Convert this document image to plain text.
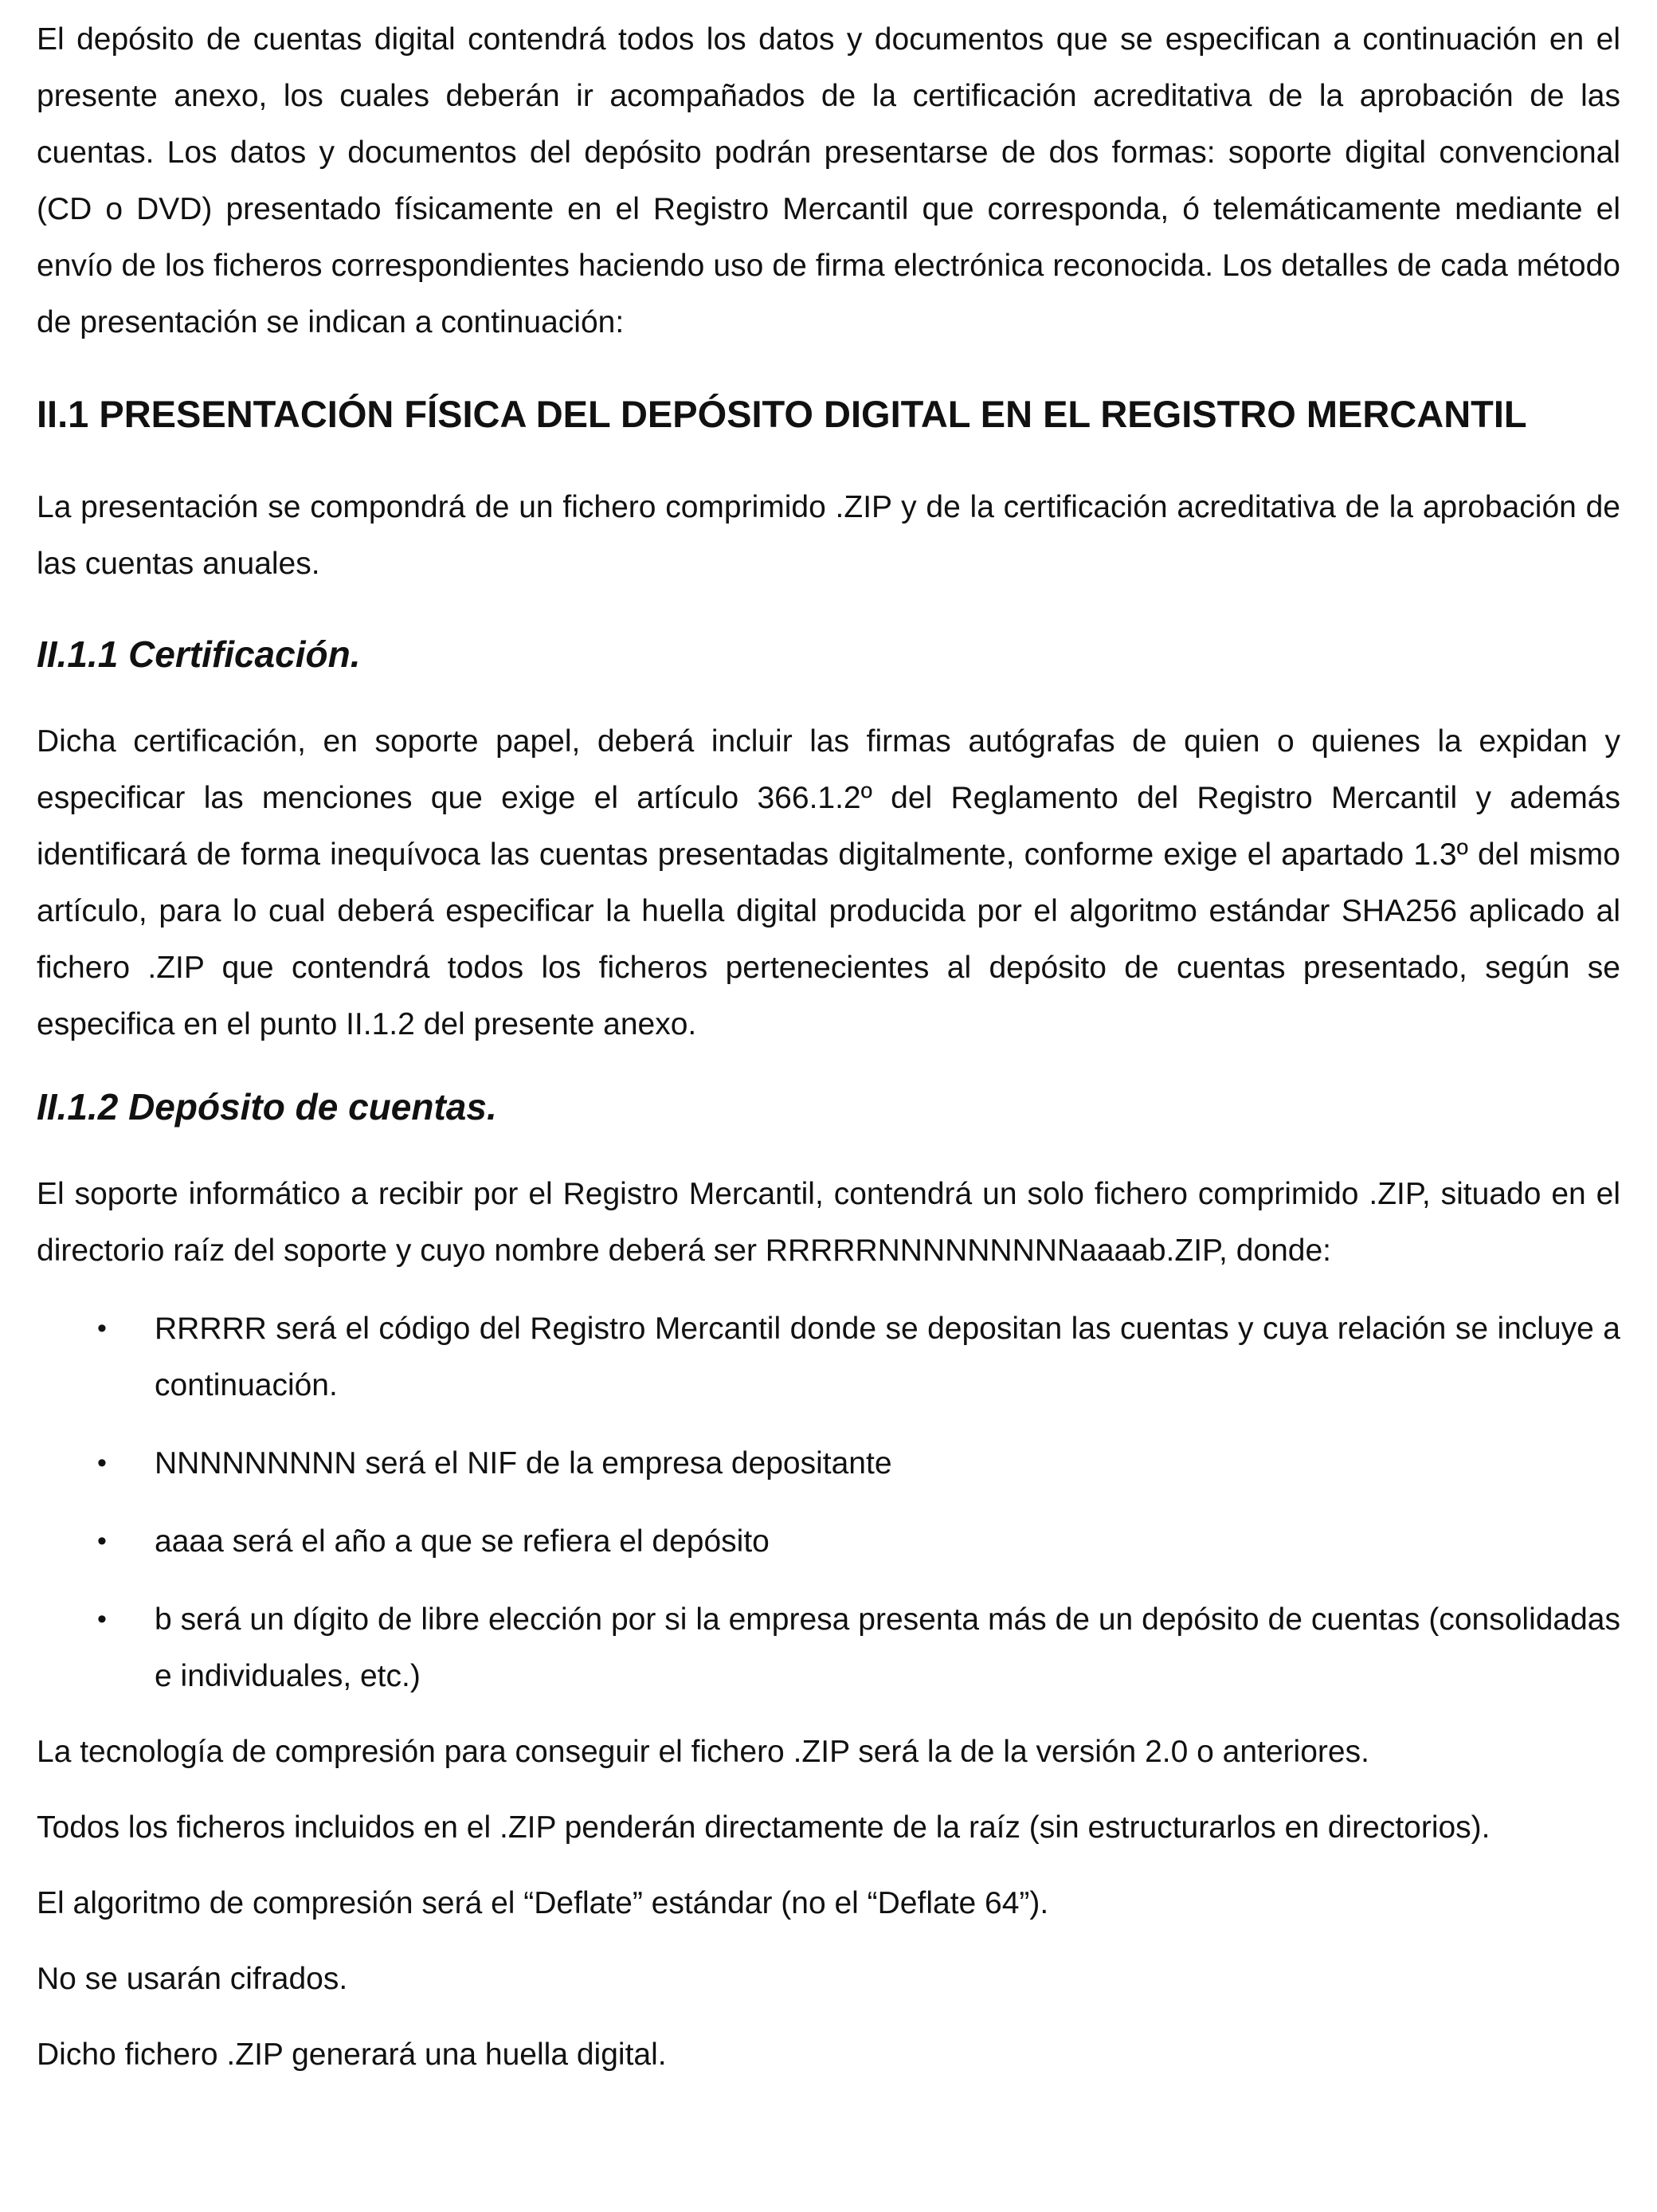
El depósito de cuentas digital contendrá todos los datos y documentos que se especifican a continuación en el presente anexo, los cuales deberán ir acompañados de la certificación acreditativa de la aprobación de las cuentas. Los datos y documentos del depósito podrán presentarse de dos formas: soporte digital convencional (CD o DVD) presentado físicamente en el Registro Mercantil que corresponda, ó telemáticamente mediante el envío de los ficheros correspondientes haciendo uso de firma electrónica reconocida. Los detalles de cada método de presentación se indican a continuación:

II.1 PRESENTACIÓN FÍSICA DEL DEPÓSITO DIGITAL EN EL REGISTRO MERCANTIL

La presentación se compondrá de un fichero comprimido .ZIP y de la certificación acreditativa de la aprobación de las cuentas anuales.

II.1.1 Certificación.

Dicha certificación, en soporte papel, deberá incluir las firmas autógrafas de quien o quienes la expidan y especificar las menciones que exige el artículo 366.1.2º del Reglamento del Registro Mercantil y además identificará de forma inequívoca las cuentas presentadas digitalmente, conforme exige el apartado 1.3º del mismo artículo, para lo cual deberá especificar la huella digital producida por el algoritmo estándar SHA256 aplicado al fichero .ZIP que contendrá todos los ficheros pertenecientes al depósito de cuentas presentado, según se especifica en el punto II.1.2 del presente anexo.

II.1.2 Depósito de cuentas.

El soporte informático a recibir por el Registro Mercantil, contendrá un solo fichero comprimido .ZIP, situado en el directorio raíz del soporte y cuyo nombre deberá ser RRRRRNNNNNNNNNaaaab.ZIP, donde:

• RRRRR será el código del Registro Mercantil donde se depositan las cuentas y cuya relación se incluye a continuación.
• NNNNNNNNN será el NIF de la empresa depositante
• aaaa será el año a que se refiera el depósito
• b será un dígito de libre elección por si la empresa presenta más de un depósito de cuentas (consolidadas e individuales, etc.)

La tecnología de compresión para conseguir el fichero .ZIP será la de la versión 2.0 o anteriores.

Todos los ficheros incluidos en el .ZIP penderán directamente de la raíz (sin estructurarlos en directorios).

El algoritmo de compresión será el “Deflate” estándar (no el “Deflate 64”).

No se usarán cifrados.

Dicho fichero .ZIP generará una huella digital.
